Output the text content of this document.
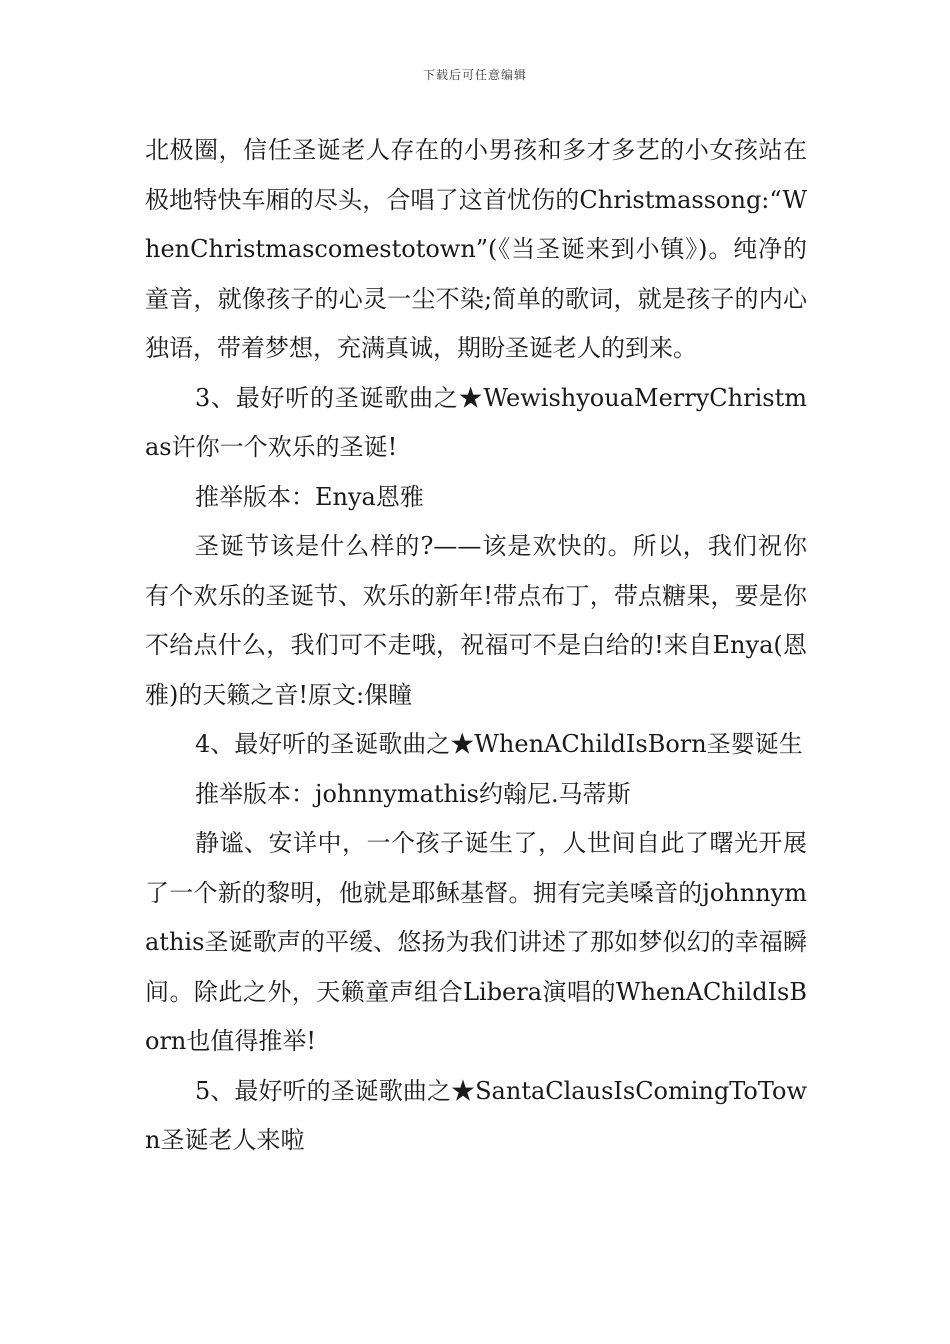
下载后可任意编辑

北极圈，信任圣诞老人存在的小男孩和多才多艺的小女孩站在极地特快车厢的尽头，合唱了这首忧伤的Christmassong:“WhenChristmascomestotown”(《当圣诞来到小镇》)。纯净的童音，就像孩子的心灵一尘不染;简单的歌词，就是孩子的内心独语，带着梦想，充满真诚，期盼圣诞老人的到来。

3、最好听的圣诞歌曲之★WewishyouaMerryChristmas许你一个欢乐的圣诞!

推举版本：Enya恩雅

圣诞节该是什么样的?——该是欢快的。所以，我们祝你有个欢乐的圣诞节、欢乐的新年!带点布丁，带点糖果，要是你不给点什么，我们可不走哦，祝福可不是白给的!来自Enya(恩雅)的天籁之音!原文:倮瞳

4、最好听的圣诞歌曲之★WhenAChildIsBorn圣婴诞生

推举版本：johnnymathis约翰尼.马蒂斯

静谧、安详中，一个孩子诞生了，人世间自此了曙光开展了一个新的黎明，他就是耶稣基督。拥有完美嗓音的johnnymathis圣诞歌声的平缓、悠扬为我们讲述了那如梦似幻的幸福瞬间。除此之外，天籁童声组合Libera演唱的WhenAChildIsBorn也值得推举!

5、最好听的圣诞歌曲之★SantaClausIsComingToTown圣诞老人来啦
